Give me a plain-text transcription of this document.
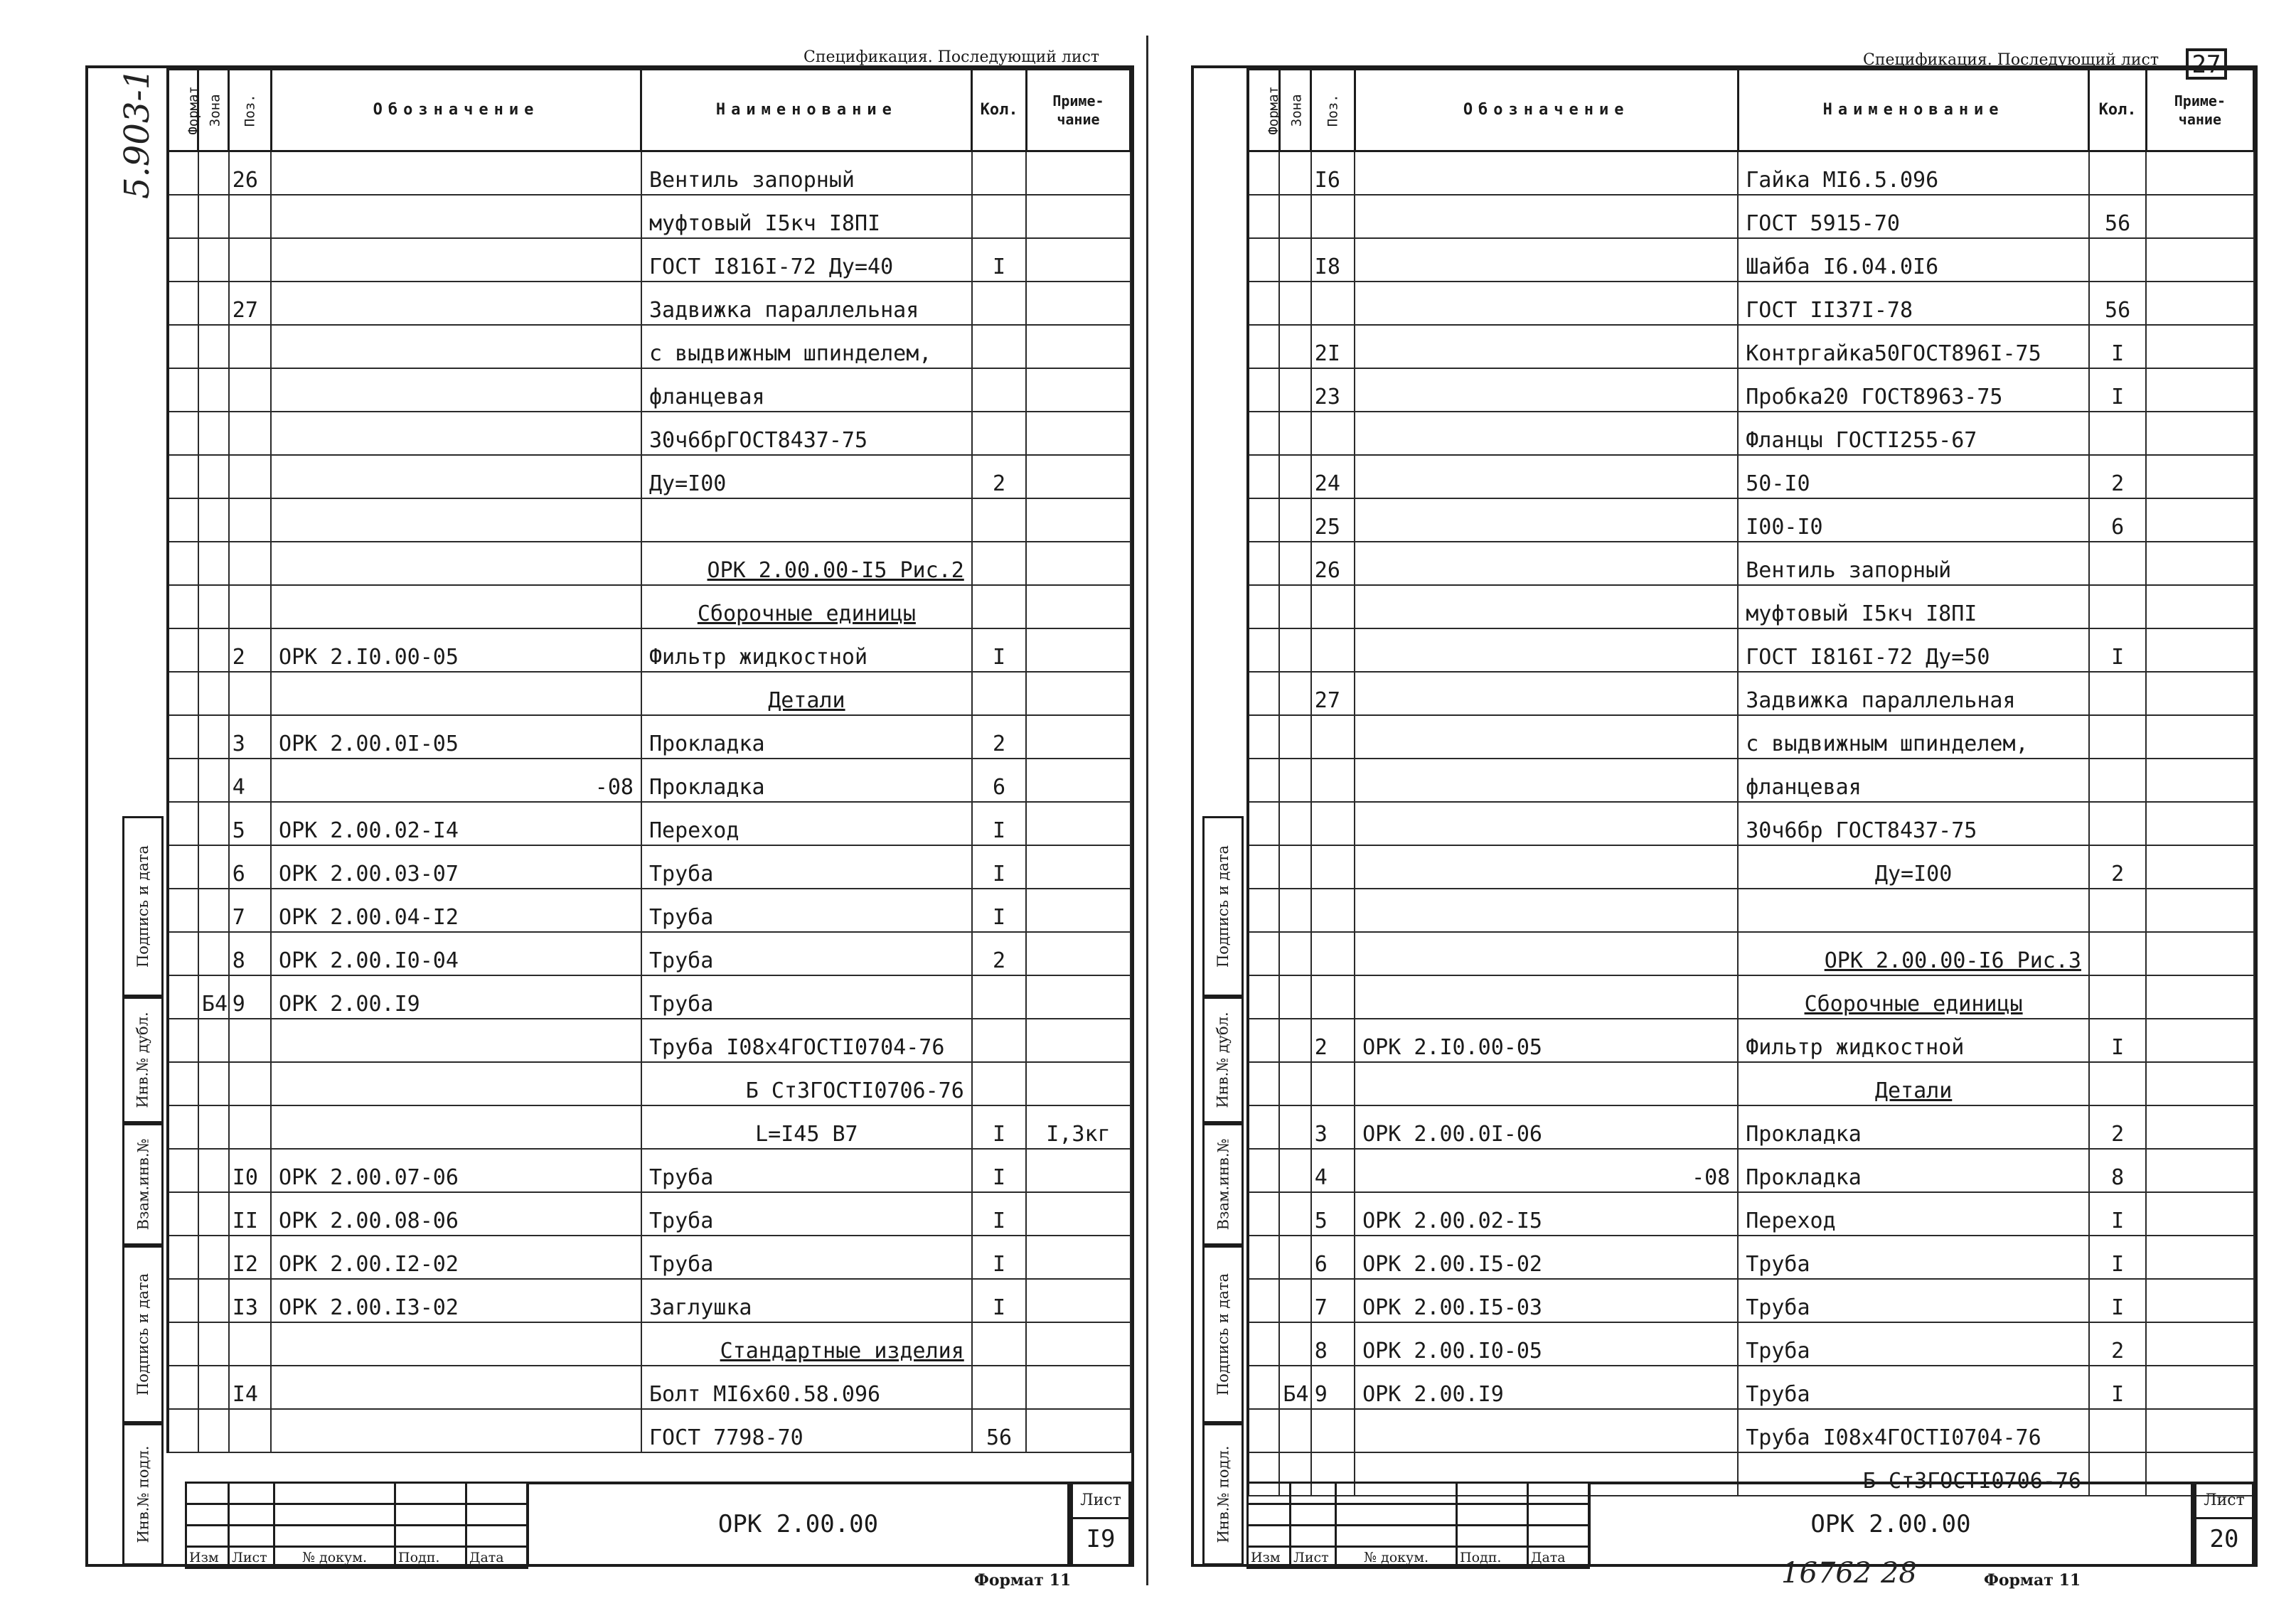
Спецификация. Последующий лист
5.903-1 Формат	Зона	Поз.	Обозначение	Наименование	Кол.	Приме-чание
		26		Вентиль запорный		
				муфтовый I5кч I8ПI		
				ГОСТ I816I-72 Ду=40	I	
		27		Задвижка параллельная		
				с выдвижным шпинделем,		
				фланцевая		
				30ч6брГОСТ8437-75		
				Ду=I00	2	

				ОРК 2.00.00-I5 Рис.2		
				Сборочные единицы		
		2	ОРК 2.I0.00-05	Фильтр жидкостной	I	
				Детали		
		3	ОРК 2.00.0I-05	Прокладка	2	
		4	-08	Прокладка	6	
		5	ОРК 2.00.02-I4	Переход	I	
		6	ОРК 2.00.03-07	Труба	I	
		7	ОРК 2.00.04-I2	Труба	I	
		8	ОРК 2.00.I0-04	Труба	2	
	Б4	9	ОРК 2.00.I9	Труба		
				Труба I08х4ГОСТI0704-76		
				Б Ст3ГОСТI0706-76		
				L=I45 B7	I	I,3кг
		I0	ОРК 2.00.07-06	Труба	I	
		II	ОРК 2.00.08-06	Труба	I	
		I2	ОРК 2.00.I2-02	Труба	I	
		I3	ОРК 2.00.I3-02	Заглушка	I	
				Стандартные изделия		
		I4		Болт MI6х60.58.096		
				ГОСТ 7798-70	56	
Инв.№ подл.
Подпись и дата
Взам.инв.№
Инв.№ дубл.
Подпись и дата

Изм	Лист	№ докум.	Подп.	Дата
ОРК 2.00.00
Лист
I9
Формат 11
Спецификация. Последующий лист 27
Формат	Зона	Поз.	Обозначение	Наименование	Кол.	Приме-чание
		I6		Гайка MI6.5.096		
				ГОСТ 5915-70	56	
		I8		Шайба I6.04.0I6		
				ГОСТ II37I-78	56	
		2I		Контргайка50ГОСТ896I-75	I	
		23		Пробка20 ГОСТ8963-75	I	
				Фланцы ГОСТI255-67		
		24		50-I0	2	
		25		I00-I0	6	
		26		Вентиль запорный		
				муфтовый I5кч I8ПI		
				ГОСТ I816I-72 Ду=50	I	
		27		Задвижка параллельная		
				с выдвижным шпинделем,		
				фланцевая		
				30ч6бр ГОСТ8437-75		
				Ду=I00	2	

				ОРК 2.00.00-I6 Рис.3		
				Сборочные единицы		
		2	ОРК 2.I0.00-05	Фильтр жидкостной	I	
				Детали		
		3	ОРК 2.00.0I-06	Прокладка	2	
		4	-08	Прокладка	8	
		5	ОРК 2.00.02-I5	Переход	I	
		6	ОРК 2.00.I5-02	Труба	I	
		7	ОРК 2.00.I5-03	Труба	I	
		8	ОРК 2.00.I0-05	Труба	2	
	Б4	9	ОРК 2.00.I9	Труба	I	
				Труба I08х4ГОСТI0704-76		
				Б Ст3ГОСТI0706-76		
Инв.№ подл.
Подпись и дата
Взам.инв.№
Инв.№ дубл.
Подпись и дата

Изм	Лист	№ докум.	Подп.	Дата
ОРК 2.00.00
Лист
20
16762 28	Формат 11
